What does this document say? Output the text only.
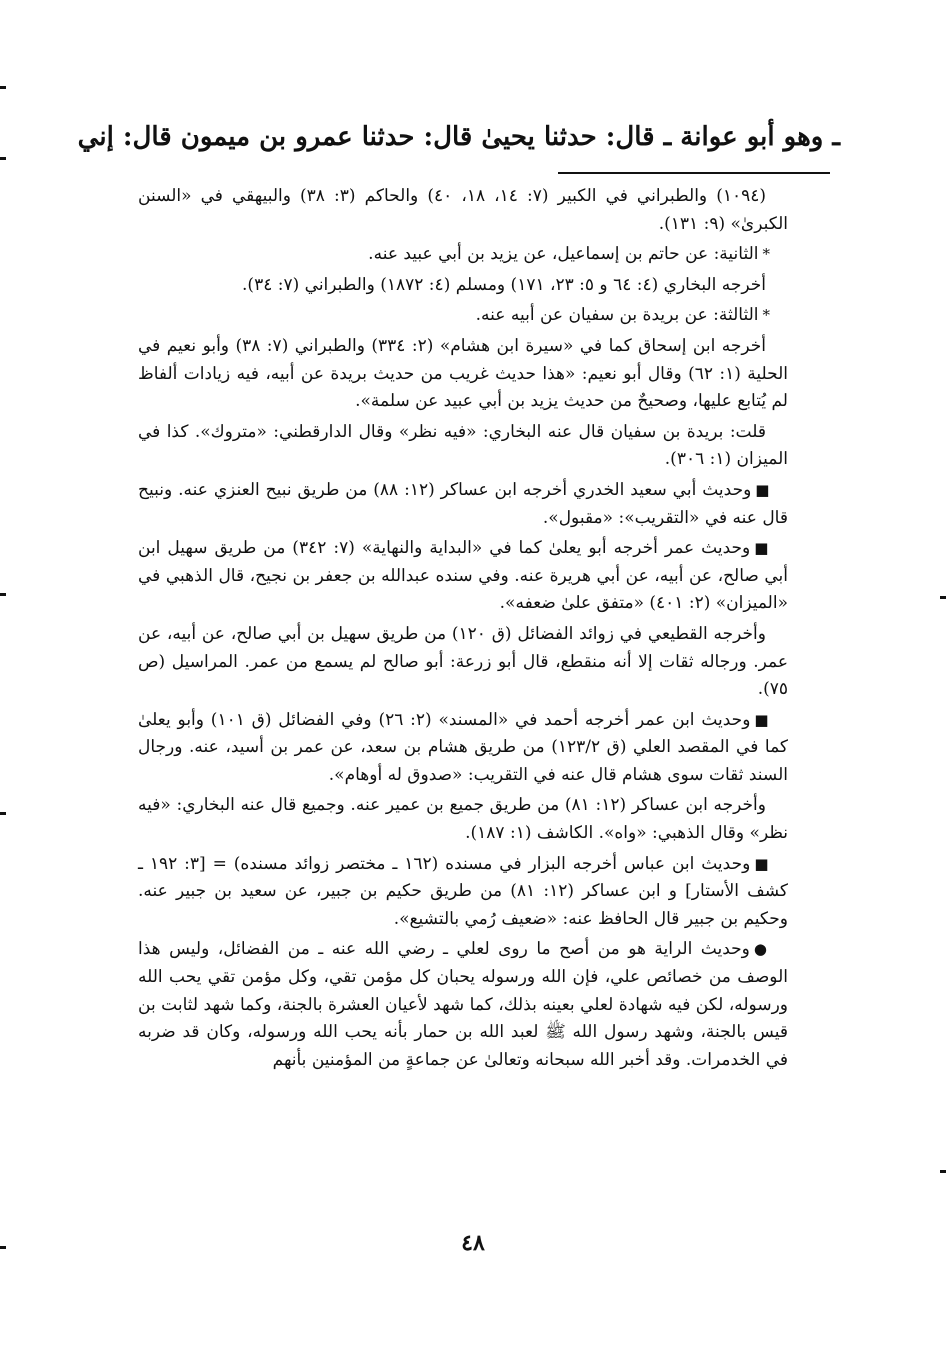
ـ وهو أبو عوانة ـ قال: حدثنا يحيىٰ قال: حدثنا عمرو بن ميمون قال: إني

(١٠٩٤) والطبراني في الكبير (٧: ١٤، ١٨، ٤٠) والحاكم (٣: ٣٨) والبيهقي في «السنن الكبرىٰ» (٩: ١٣١).

*الثانية: عن حاتم بن إسماعيل، عن يزيد بن أبي عبيد عنه.

أخرجه البخاري (٤: ٦٤ و ٥: ٢٣، ١٧١) ومسلم (٤: ١٨٧٢) والطبراني (٧: ٣٤).

*الثالثة: عن بريدة بن سفيان عن أبيه عنه.

أخرجه ابن إسحاق كما في «سيرة ابن هشام» (٢: ٣٣٤) والطبراني (٧: ٣٨) وأبو نعيم في الحلية (١: ٦٢) وقال أبو نعيم: «هذا حديث غريب من حديث بريدة عن أبيه، فيه زيادات ألفاظ لم يُتابع عليها، وصحيحٌ من حديث يزيد بن أبي عبيد عن سلمة».

قلت: بريدة بن سفيان قال عنه البخاري: «فيه نظر» وقال الدارقطني: «متروك». كذا في الميزان (١: ٣٠٦).

■وحديث أبي سعيد الخدري أخرجه ابن عساكر (١٢: ٨٨) من طريق نبيح العنزي عنه. ونبيح قال عنه في «التقريب»: «مقبول».

■وحديث عمر أخرجه أبو يعلىٰ كما في «البداية والنهاية» (٧: ٣٤٢) من طريق سهيل ابن أبي صالح، عن أبيه، عن أبي هريرة عنه. وفي سنده عبدالله بن جعفر بن نجيح، قال الذهبي في «الميزان» (٢: ٤٠١) «متفق علىٰ ضعفه».

وأخرجه القطيعي في زوائد الفضائل (ق ١٢٠) من طريق سهيل بن أبي صالح، عن أبيه، عن عمر. ورجاله ثقات إلا أنه منقطع، قال أبو زرعة: أبو صالح لم يسمع من عمر. المراسيل (ص ٧٥).

■وحديث ابن عمر أخرجه أحمد في «المسند» (٢: ٢٦) وفي الفضائل (ق ١٠١) وأبو يعلىٰ كما في المقصد العلي (ق ١٢٣/٢) من طريق هشام بن سعد، عن عمر بن أسيد، عنه. ورجال السند ثقات سوى هشام قال عنه في التقريب: «صدوق له أوهام».

وأخرجه ابن عساكر (١٢: ٨١) من طريق جميع بن عمير عنه. وجميع قال عنه البخاري: «فيه نظر» وقال الذهبي: «واه». الكاشف (١: ١٨٧).

■وحديث ابن عباس أخرجه البزار في مسنده (١٦٢ ـ مختصر زوائد مسنده) = [٣: ١٩٢ ـ كشف الأستار] و ابن عساكر (١٢: ٨١) من طريق حكيم بن جبير، عن سعيد بن جبير عنه. وحكيم بن جبير قال الحافظ عنه: «ضعيف رُمي بالتشيع».

●وحديث الراية هو من أصح ما روى لعلي ـ رضي الله عنه ـ من الفضائل، وليس هذا الوصف من خصائص علي، فإن الله ورسوله يحبان كل مؤمن تقي، وكل مؤمن تقي يحب الله ورسوله، لكن فيه شهادة لعلي بعينه بذلك، كما شهد لأعيان العشرة بالجنة، وكما شهد لثابت بن قيس بالجنة، وشهد رسول الله ﷺ لعبد الله بن حمار بأنه يحب الله ورسوله، وكان قد ضربه في الخدمرات. وقد أخبر الله سبحانه وتعالىٰ عن جماعةٍ من المؤمنين بأنهم

٤٨
